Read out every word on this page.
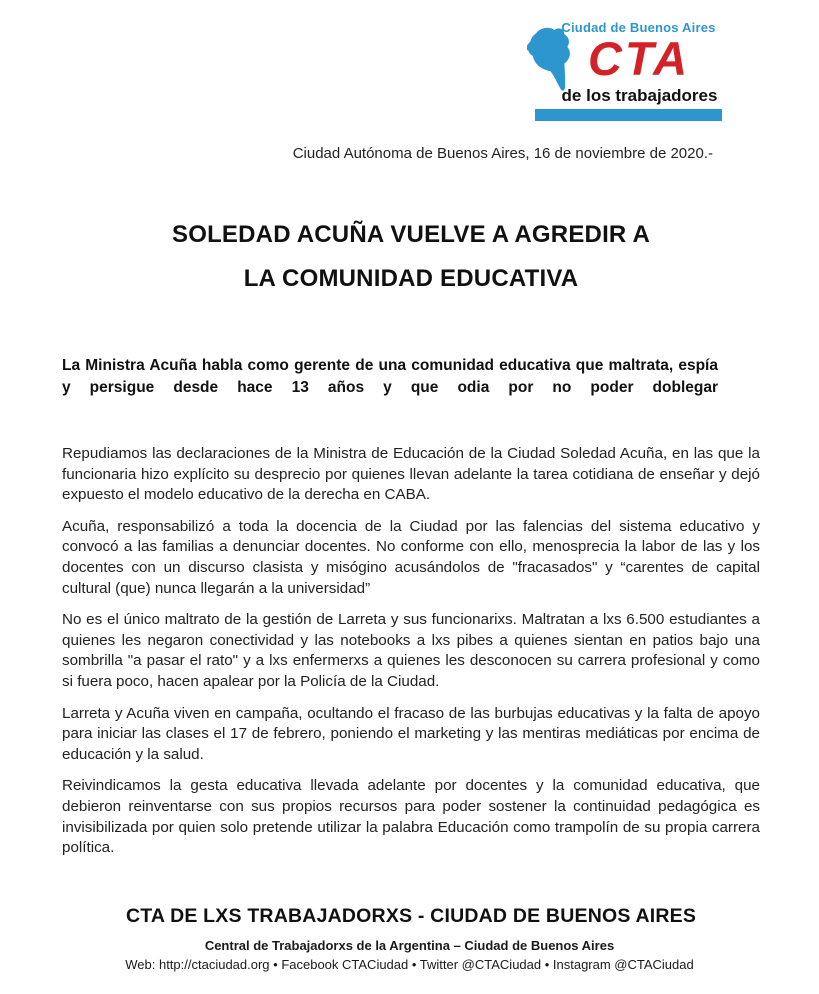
Ciudad de Buenos Aires
CTA
de los trabajadores
Ciudad Autónoma de Buenos Aires, 16 de noviembre de 2020.-
SOLEDAD ACUÑA VUELVE A AGREDIR A
LA COMUNIDAD EDUCATIVA

La Ministra Acuña habla como gerente de una comunidad educativa que maltrata, espía y persigue desde hace 13 años y que odia por no poder doblegar

Repudiamos las declaraciones de la Ministra de Educación de la Ciudad Soledad Acuña, en las que la funcionaria hizo explícito su desprecio por quienes llevan adelante la tarea cotidiana de enseñar y dejó expuesto el modelo educativo de la derecha en CABA.

Acuña, responsabilizó a toda la docencia de la Ciudad por las falencias del sistema educativo y convocó a las familias a denunciar docentes. No conforme con ello, menosprecia la labor de las y los docentes con un discurso clasista y misógino acusándolos de "fracasados" y “carentes de capital cultural (que) nunca llegarán a la universidad”

No es el único maltrato de la gestión de Larreta y sus funcionarixs. Maltratan a lxs 6.500 estudiantes a quienes les negaron conectividad y las notebooks a lxs pibes a quienes sientan en patios bajo una sombrilla "a pasar el rato" y a lxs enfermerxs a quienes les desconocen su carrera profesional y como si fuera poco, hacen apalear por la Policía de la Ciudad.

Larreta y Acuña viven en campaña, ocultando el fracaso de las burbujas educativas y la falta de apoyo para iniciar las clases el 17 de febrero, poniendo el marketing y las mentiras mediáticas por encima de educación y la salud.

Reivindicamos la gesta educativa llevada adelante por docentes y la comunidad educativa, que debieron reinventarse con sus propios recursos para poder sostener la continuidad pedagógica es invisibilizada por quien solo pretende utilizar la palabra Educación como trampolín de su propia carrera política.

CTA DE LXS TRABAJADORXS - CIUDAD DE BUENOS AIRES
Central de Trabajadorxs de la Argentina – Ciudad de Buenos Aires
Web: http://ctaciudad.org • Facebook CTACiudad • Twitter @CTACiudad • Instagram @CTACiudad
